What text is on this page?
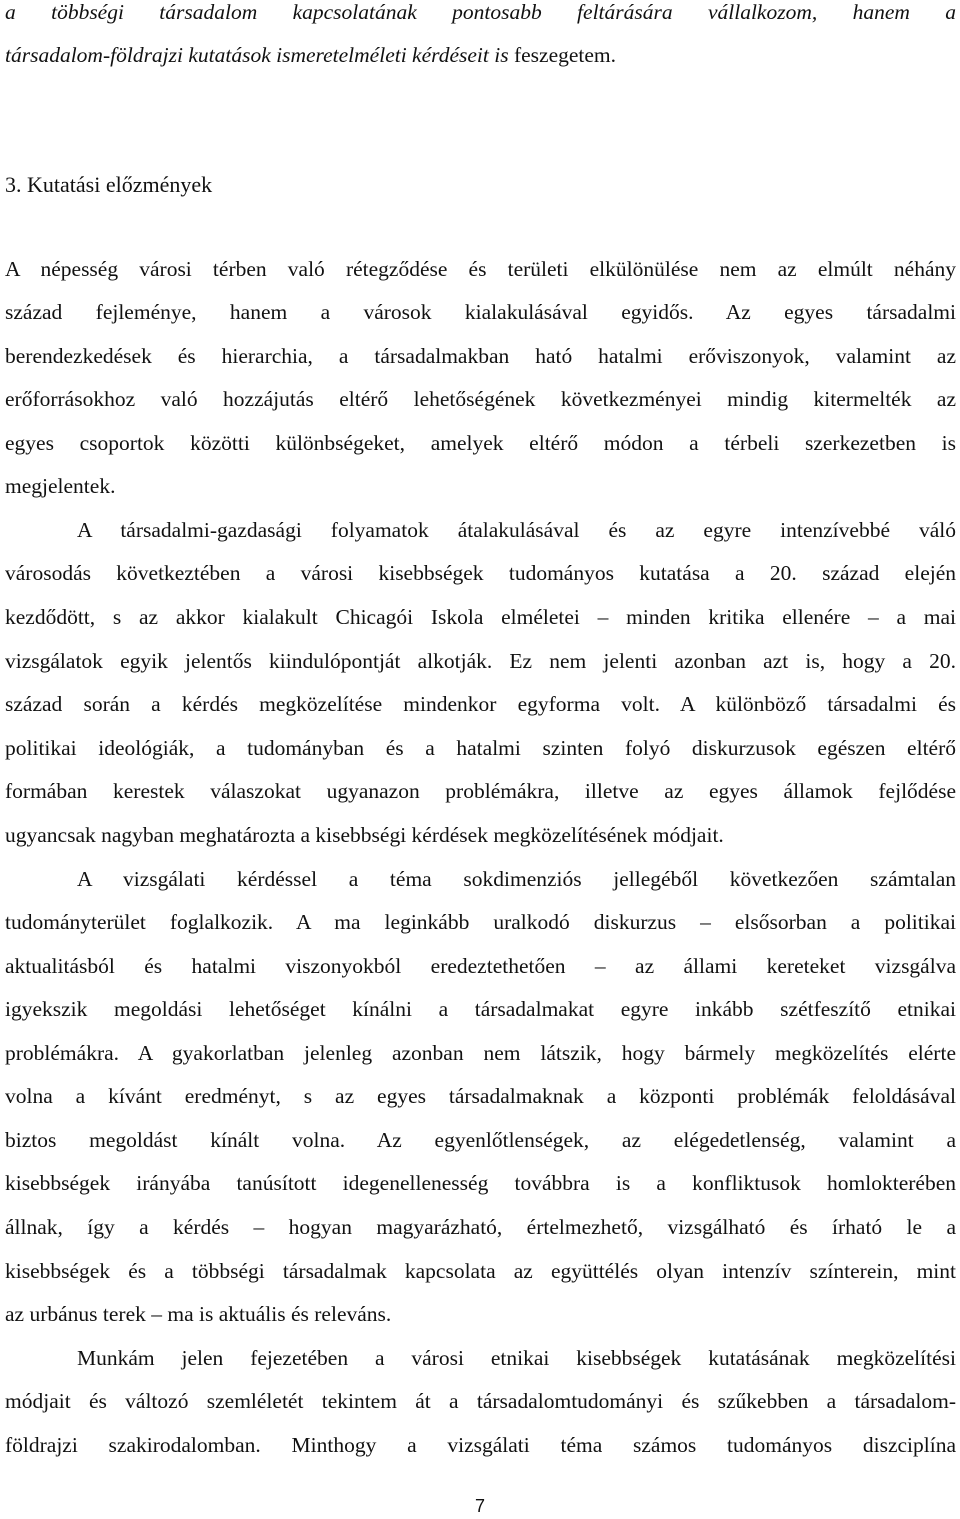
a többségi társadalom kapcsolatának pontosabb feltárására vállalkozom, hanem a
társadalom-földrajzi kutatások ismeretelméleti kérdéseit is feszegetem.
3. Kutatási előzmények
A népesség városi térben való rétegződése és területi elkülönülése nem az elmúlt néhány
század fejleménye, hanem a városok kialakulásával egyidős. Az egyes társadalmi
berendezkedések és hierarchia, a társadalmakban ható hatalmi erőviszonyok, valamint az
erőforrásokhoz való hozzájutás eltérő lehetőségének következményei mindig kitermelték az
egyes csoportok közötti különbségeket, amelyek eltérő módon a térbeli szerkezetben is
megjelentek.
A társadalmi-gazdasági folyamatok átalakulásával és az egyre intenzívebbé váló
városodás következtében a városi kisebbségek tudományos kutatása a 20. század elején
kezdődött, s az akkor kialakult Chicagói Iskola elméletei – minden kritika ellenére – a mai
vizsgálatok egyik jelentős kiindulópontját alkotják. Ez nem jelenti azonban azt is, hogy a 20.
század során a kérdés megközelítése mindenkor egyforma volt. A különböző társadalmi és
politikai ideológiák, a tudományban és a hatalmi szinten folyó diskurzusok egészen eltérő
formában kerestek válaszokat ugyanazon problémákra, illetve az egyes államok fejlődése
ugyancsak nagyban meghatározta a kisebbségi kérdések megközelítésének módjait.
A vizsgálati kérdéssel a téma sokdimenziós jellegéből következően számtalan
tudományterület foglalkozik. A ma leginkább uralkodó diskurzus – elsősorban a politikai
aktualitásból és hatalmi viszonyokból eredeztethetően – az állami kereteket vizsgálva
igyekszik megoldási lehetőséget kínálni a társadalmakat egyre inkább szétfeszítő etnikai
problémákra. A gyakorlatban jelenleg azonban nem látszik, hogy bármely megközelítés elérte
volna a kívánt eredményt, s az egyes társadalmaknak a központi problémák feloldásával
biztos megoldást kínált volna. Az egyenlőtlenségek, az elégedetlenség, valamint a
kisebbségek irányába tanúsított idegenellenesség továbbra is a konfliktusok homlokterében
állnak, így a kérdés – hogyan magyarázható, értelmezhető, vizsgálható és írható le a
kisebbségek és a többségi társadalmak kapcsolata az együttélés olyan intenzív színterein, mint
az urbánus terek – ma is aktuális és releváns.
Munkám jelen fejezetében a városi etnikai kisebbségek kutatásának megközelítési
módjait és változó szemléletét tekintem át a társadalomtudományi és szűkebben a társadalom-
földrajzi szakirodalomban. Minthogy a vizsgálati téma számos tudományos diszciplína
7
